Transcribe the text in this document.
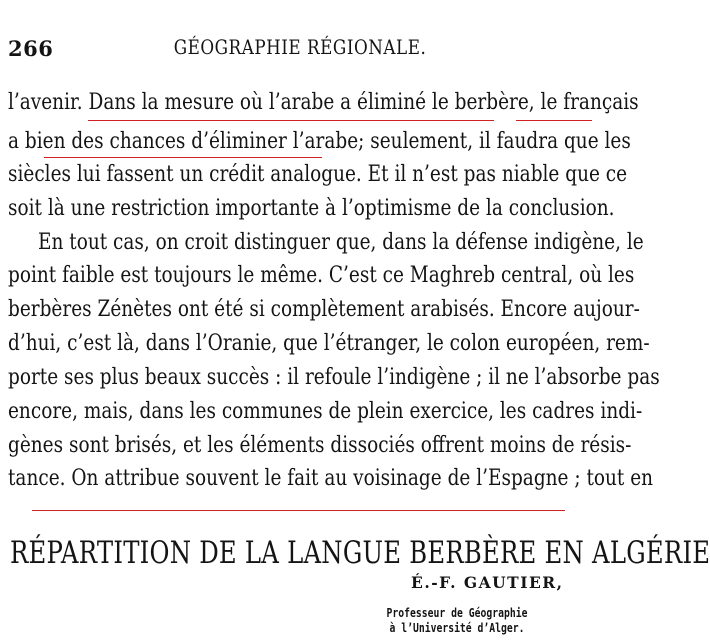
266	GÉOGRAPHIE RÉGIONALE.
l’avenir. Dans la mesure où l’arabe a éliminé le berbère, le français
a bien des chances d’éliminer l’arabe; seulement, il faudra que les
siècles lui fassent un crédit analogue. Et il n’est pas niable que ce
soit là une restriction importante à l’optimisme de la conclusion.
En tout cas, on croit distinguer que, dans la défense indigène, le
point faible est toujours le même. C’est ce Maghreb central, où les
berbères Zénètes ont été si complètement arabisés. Encore aujour-
d’hui, c’est là, dans l’Oranie, que l’étranger, le colon européen, rem-
porte ses plus beaux succès : il refoule l’indigène ; il ne l’absorbe pas
encore, mais, dans les communes de plein exercice, les cadres indi-
gènes sont brisés, et les éléments dissociés offrent moins de résis-
tance. On attribue souvent le fait au voisinage de l’Espagne ; tout en
RÉPARTITION DE LA LANGUE BERBÈRE EN ALGÉRIE
É.-F. GAUTIER,
Professeur de Géographie
à l’Université d’Alger.
